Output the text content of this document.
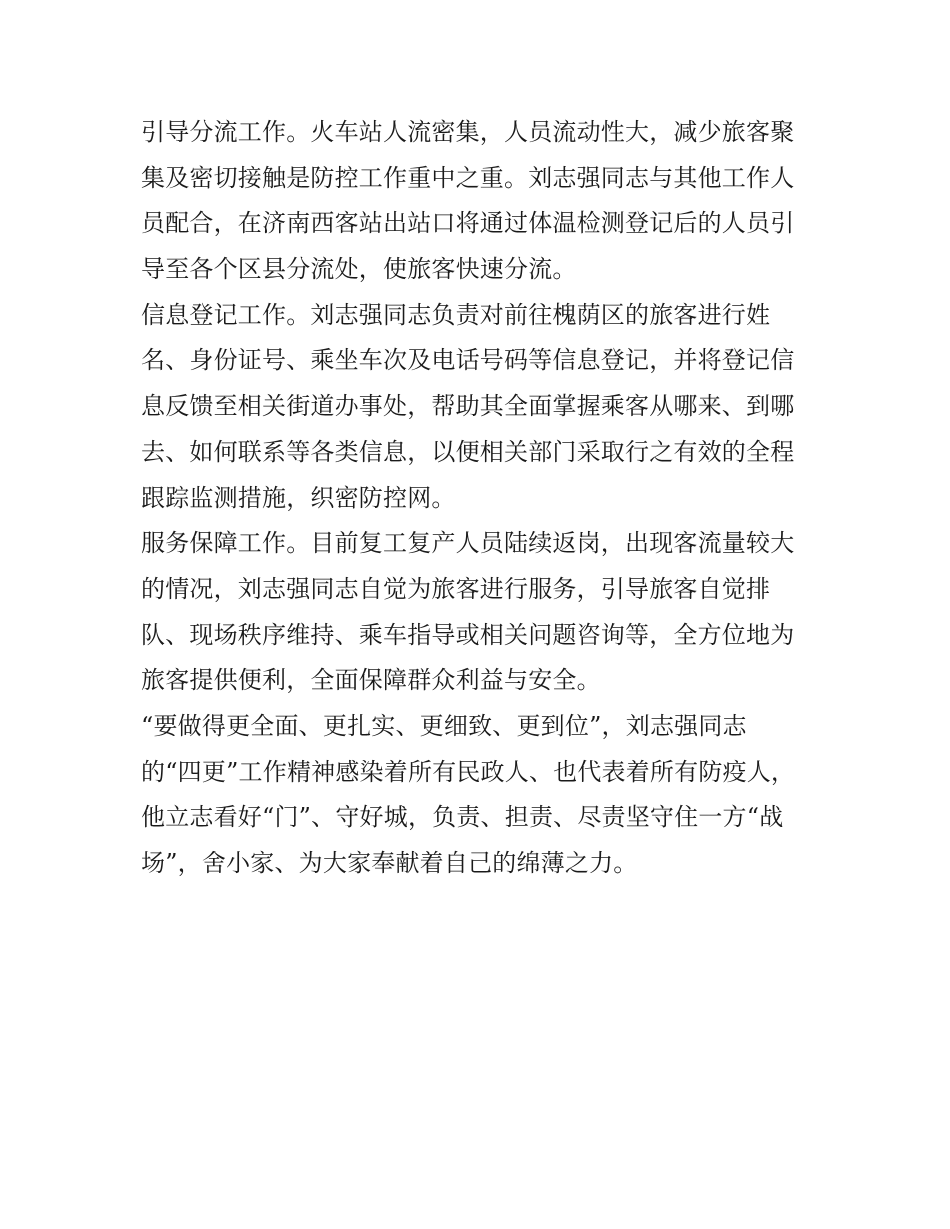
引导分流工作。火车站人流密集，人员流动性大，减少旅客聚
集及密切接触是防控工作重中之重。刘志强同志与其他工作人
员配合，在济南西客站出站口将通过体温检测登记后的人员引
导至各个区县分流处，使旅客快速分流。
信息登记工作。刘志强同志负责对前往槐荫区的旅客进行姓
名、身份证号、乘坐车次及电话号码等信息登记，并将登记信
息反馈至相关街道办事处，帮助其全面掌握乘客从哪来、到哪
去、如何联系等各类信息，以便相关部门采取行之有效的全程
跟踪监测措施，织密防控网。
服务保障工作。目前复工复产人员陆续返岗，出现客流量较大
的情况，刘志强同志自觉为旅客进行服务，引导旅客自觉排
队、现场秩序维持、乘车指导或相关问题咨询等，全方位地为
旅客提供便利，全面保障群众利益与安全。
“要做得更全面、更扎实、更细致、更到位”，刘志强同志
的“四更”工作精神感染着所有民政人、也代表着所有防疫人，
他立志看好“门”、守好城，负责、担责、尽责坚守住一方“战
场”，舍小家、为大家奉献着自己的绵薄之力。
